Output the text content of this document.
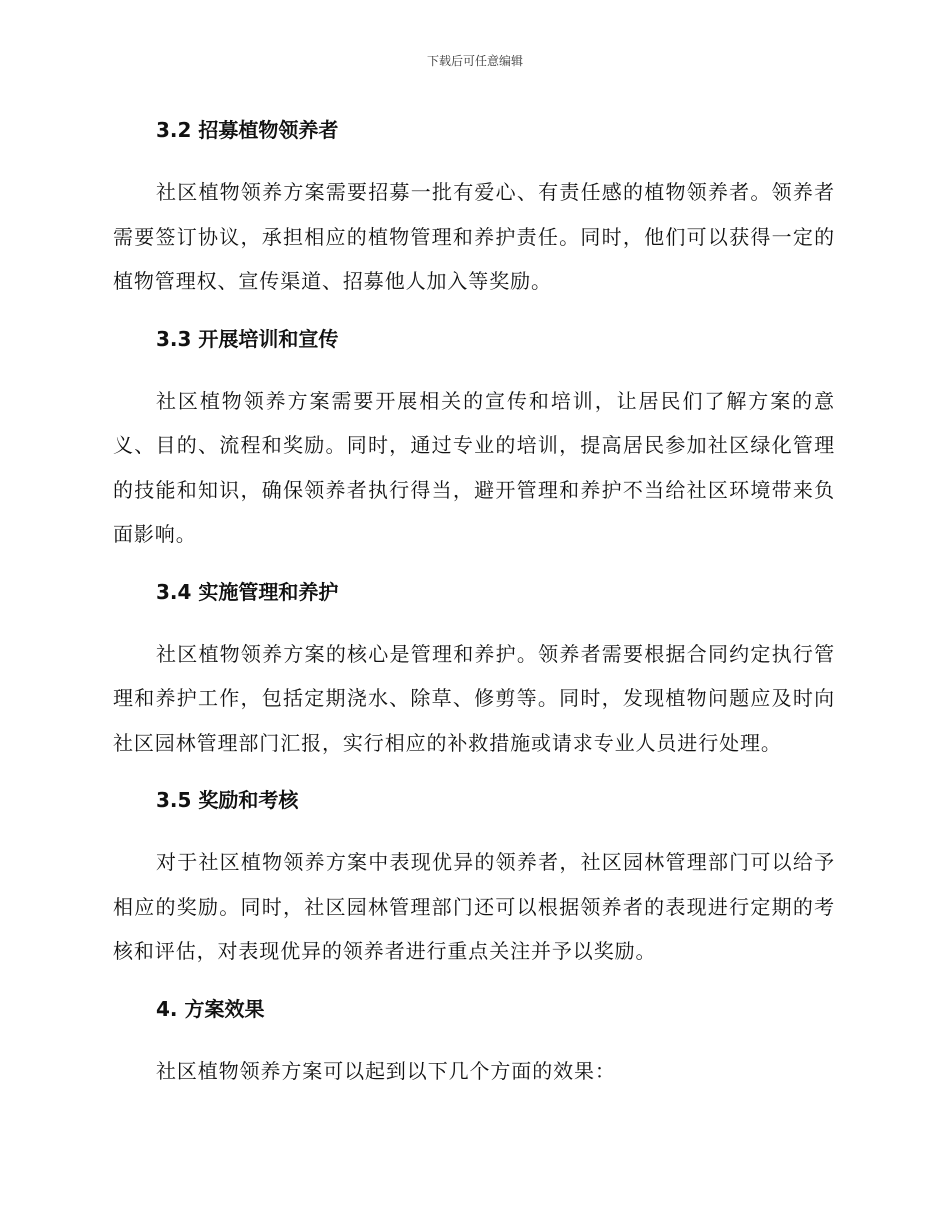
下载后可任意编辑
3.2 招募植物领养者

社区植物领养方案需要招募一批有爱心、有责任感的植物领养者。领养者需要签订协议，承担相应的植物管理和养护责任。同时，他们可以获得一定的植物管理权、宣传渠道、招募他人加入等奖励。

3.3 开展培训和宣传

社区植物领养方案需要开展相关的宣传和培训，让居民们了解方案的意义、目的、流程和奖励。同时，通过专业的培训，提高居民参加社区绿化管理的技能和知识，确保领养者执行得当，避开管理和养护不当给社区环境带来负面影响。

3.4 实施管理和养护

社区植物领养方案的核心是管理和养护。领养者需要根据合同约定执行管理和养护工作，包括定期浇水、除草、修剪等。同时，发现植物问题应及时向社区园林管理部门汇报，实行相应的补救措施或请求专业人员进行处理。

3.5 奖励和考核

对于社区植物领养方案中表现优异的领养者，社区园林管理部门可以给予相应的奖励。同时，社区园林管理部门还可以根据领养者的表现进行定期的考核和评估，对表现优异的领养者进行重点关注并予以奖励。

4. 方案效果

社区植物领养方案可以起到以下几个方面的效果：
